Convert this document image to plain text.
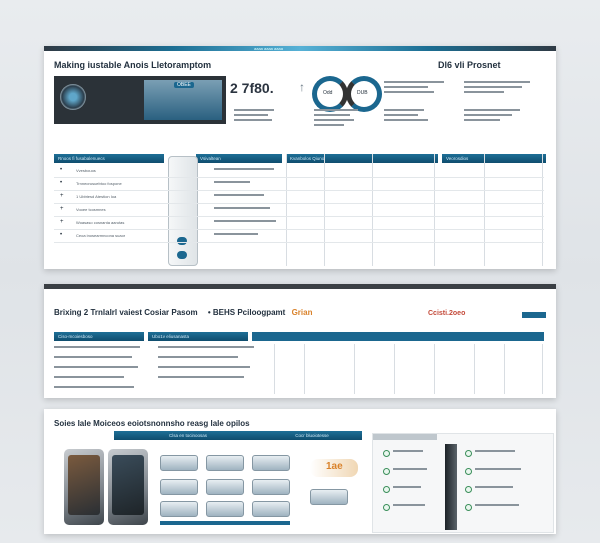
aaaa aaaa aaaa
Making iustable Anois Lletoramptom	Dl6 vli Prosnet
OBEE	2 7f80. ↑	Odd	DUB
Rnoos fi fusabalenuecs	Vsivaltean	Kvanbolos Qiuno	Veorosdios
•	Vvesbouos
•	Trnneorusuebtoo fospone
+	1 Ubbtesd Atestion Ioa
+	Vooee tcosmnes
+	Woasaso cosnanta aarutas
•	Ceoa inosearmncona suaor
Brixing 2 Trnlalrl vaiest Cosiar Pasom • BEHS Pciloogpamt Grian	Ccisti.2oeo
Ciso-mcoiesboso	Ubo1v eliusanasta
Soies Iale Moiceos eoiotsnonnsho reasg lale opilos
Clsa en tocinoosas	Cocr bluoiotesse
1ae
